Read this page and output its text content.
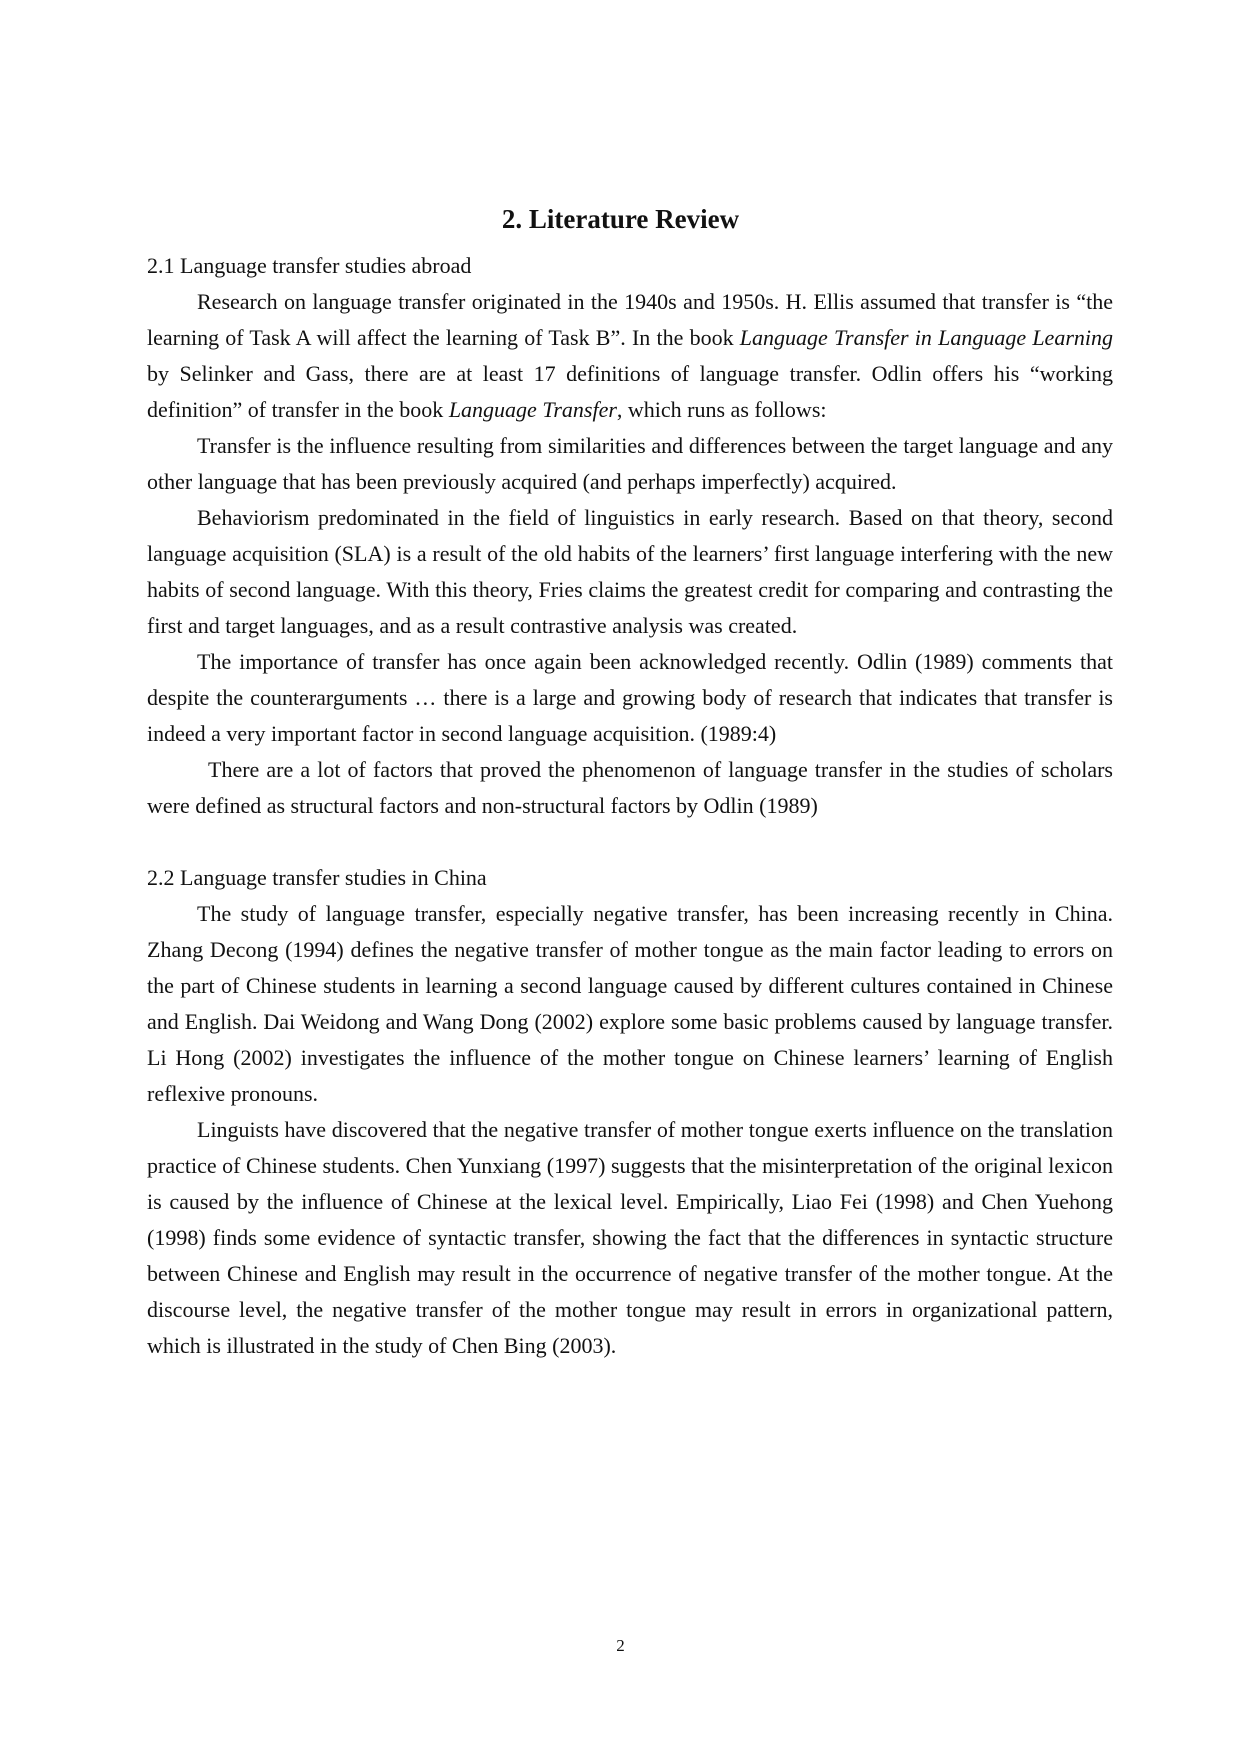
2. Literature Review

2.1 Language transfer studies abroad

Research on language transfer originated in the 1940s and 1950s. H. Ellis assumed that transfer is “the learning of Task A will affect the learning of Task B”. In the book Language Transfer in Language Learning by Selinker and Gass, there are at least 17 definitions of language transfer. Odlin offers his “working definition” of transfer in the book Language Transfer, which runs as follows:

Transfer is the influence resulting from similarities and differences between the target language and any other language that has been previously acquired (and perhaps imperfectly) acquired.

Behaviorism predominated in the field of linguistics in early research. Based on that theory, second language acquisition (SLA) is a result of the old habits of the learners’ first language interfering with the new habits of second language. With this theory, Fries claims the greatest credit for comparing and contrasting the first and target languages, and as a result contrastive analysis was created.

The importance of transfer has once again been acknowledged recently. Odlin (1989) comments that despite the counterarguments … there is a large and growing body of research that indicates that transfer is indeed a very important factor in second language acquisition. (1989:4)

There are a lot of factors that proved the phenomenon of language transfer in the studies of scholars were defined as structural factors and non-structural factors by Odlin (1989)

2.2 Language transfer studies in China

The study of language transfer, especially negative transfer, has been increasing recently in China. Zhang Decong (1994) defines the negative transfer of mother tongue as the main factor leading to errors on the part of Chinese students in learning a second language caused by different cultures contained in Chinese and English. Dai Weidong and Wang Dong (2002) explore some basic problems caused by language transfer. Li Hong (2002) investigates the influence of the mother tongue on Chinese learners’ learning of English reflexive pronouns.

Linguists have discovered that the negative transfer of mother tongue exerts influence on the translation practice of Chinese students. Chen Yunxiang (1997) suggests that the misinterpretation of the original lexicon is caused by the influence of Chinese at the lexical level. Empirically, Liao Fei (1998) and Chen Yuehong (1998) finds some evidence of syntactic transfer, showing the fact that the differences in syntactic structure between Chinese and English may result in the occurrence of negative transfer of the mother tongue. At the discourse level, the negative transfer of the mother tongue may result in errors in organizational pattern, which is illustrated in the study of Chen Bing (2003).

2
